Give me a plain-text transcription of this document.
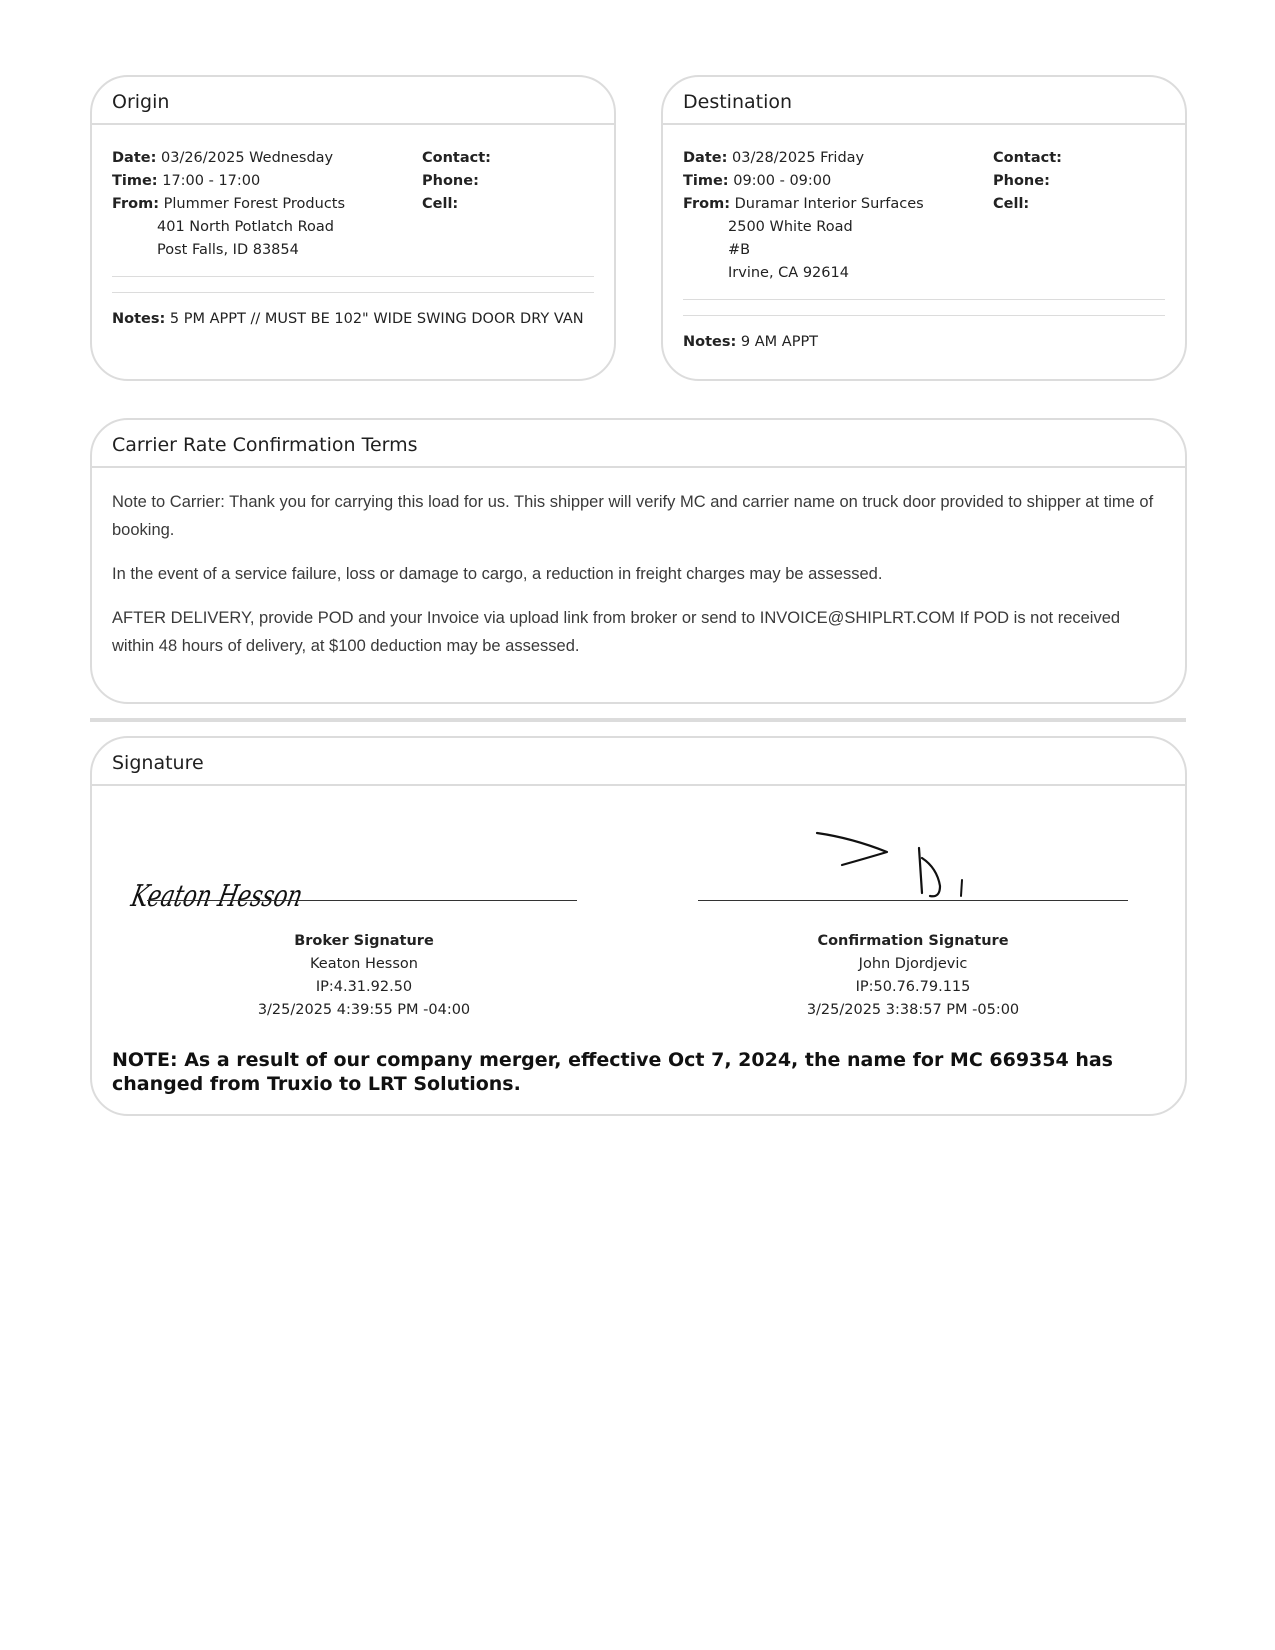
Origin
Date: 03/26/2025 Wednesday
Time: 17:00 - 17:00
From: Plummer Forest Products
401 North Potlatch Road
Post Falls, ID 83854
Contact:
Phone:
Cell:
Notes: 5 PM APPT // MUST BE 102" WIDE SWING DOOR DRY VAN
Destination
Date: 03/28/2025 Friday
Time: 09:00 - 09:00
From: Duramar Interior Surfaces
2500 White Road
#B
Irvine, CA 92614
Contact:
Phone:
Cell:
Notes: 9 AM APPT
Carrier Rate Confirmation Terms

Note to Carrier: Thank you for carrying this load for us. This shipper will verify MC and carrier name on truck door provided to shipper at time of booking.

In the event of a service failure, loss or damage to cargo, a reduction in freight charges may be assessed.

AFTER DELIVERY, provide POD and your Invoice via upload link from broker or send to INVOICE@SHIPLRT.COM If POD is not received within 48 hours of delivery, at $100 deduction may be assessed.

Signature
Keaton Hesson
Broker Signature
Keaton Hesson
IP:4.31.92.50
3/25/2025 4:39:55 PM -04:00
Confirmation Signature
John Djordjevic
IP:50.76.79.115
3/25/2025 3:38:57 PM -05:00
NOTE: As a result of our company merger, effective Oct 7, 2024, the name for MC 669354 has changed from Truxio to LRT Solutions.
